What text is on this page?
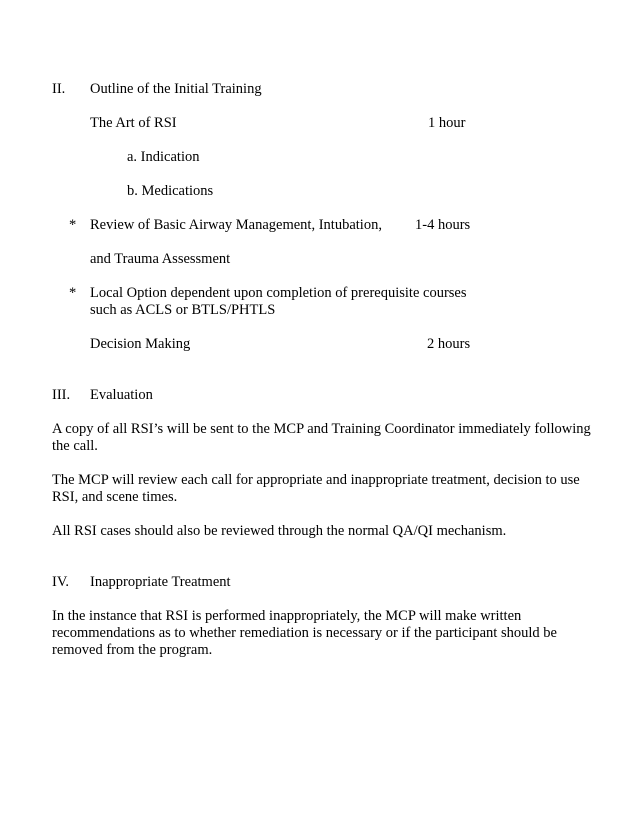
II. Outline of the Initial Training
The Art of RSI	1 hour
a. Indication
b. Medications
* Review of Basic Airway Management, Intubation, 1-4 hours
and Trauma Assessment
* Local Option dependent upon completion of prerequisite courses
such as ACLS or BTLS/PHTLS
Decision Making	2 hours
III. Evaluation
A copy of all RSI’s will be sent to the MCP and Training Coordinator immediately following the call.
The MCP will review each call for appropriate and inappropriate treatment, decision to use RSI, and scene times.
All RSI cases should also be reviewed through the normal QA/QI mechanism.
IV. Inappropriate Treatment
In the instance that RSI is performed inappropriately, the MCP will make written recommendations as to whether remediation is necessary or if the participant should be removed from the program.
